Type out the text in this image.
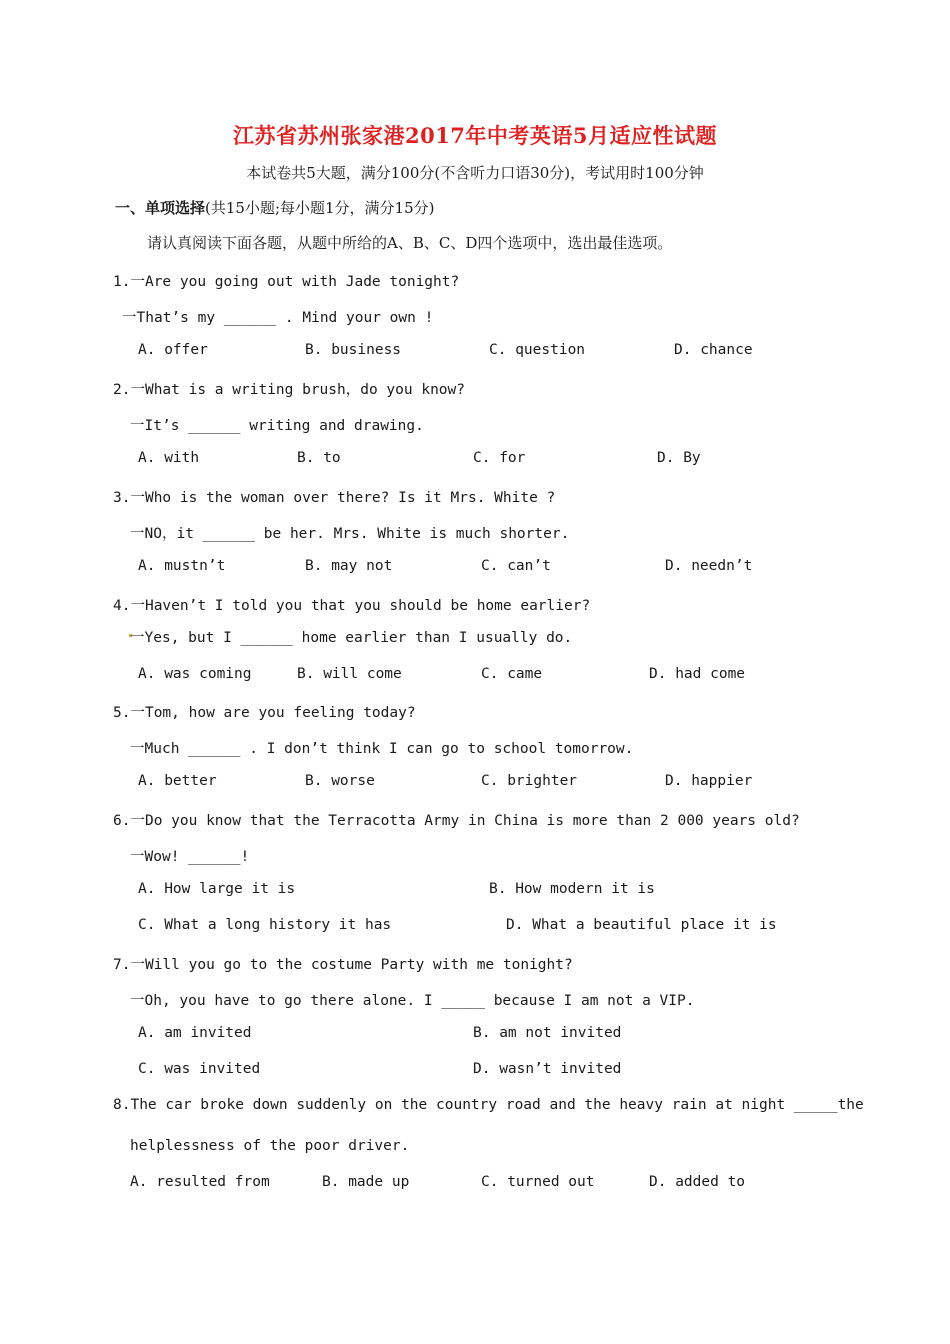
江苏省苏州张家港2017年中考英语5月适应性试题
本试卷共5大题，满分100分(不含听力口语30分)，考试用时100分钟
一、单项选择(共15小题;每小题1分，满分15分)
请认真阅读下面各题，从题中所给的A、B、C、D四个选项中，选出最佳选项。
1.一Are you going out with Jade tonight?
一That’s my ______ . Mind your own !
A. offer	B. business	C. question	D. chance
2.一What is a writing brush，do you know?
一It’s ______ writing and drawing.
A. with	B. to	C. for	D. By
3.一Who is the woman over there? Is it Mrs. White ?
一NO，it ______ be her. Mrs. White is much shorter.
A. mustn’t	B. may not	C. can’t	D. needn’t
4.一Haven’t I told you that you should be home earlier?
一Yes, but I ______ home earlier than I usually do.
A. was coming	B. will come	C. came	D. had come
5.一Tom, how are you feeling today?
一Much ______ . I don’t think I can go to school tomorrow.
A. better	B. worse	C. brighter	D. happier
6.一Do you know that the Terracotta Army in China is more than 2 000 years old?
一Wow! ______!
A. How large it is	B. How modern it is
C. What a long history it has	D. What a beautiful place it is
7.一Will you go to the costume Party with me tonight?
一Oh, you have to go there alone. I _____ because I am not a VIP.
A. am invited	B. am not invited
C. was invited	D. wasn’t invited
8.The car broke down suddenly on the country road and the heavy rain at night _____the
helplessness of the poor driver.
A. resulted from	B. made up	C. turned out	D. added to
